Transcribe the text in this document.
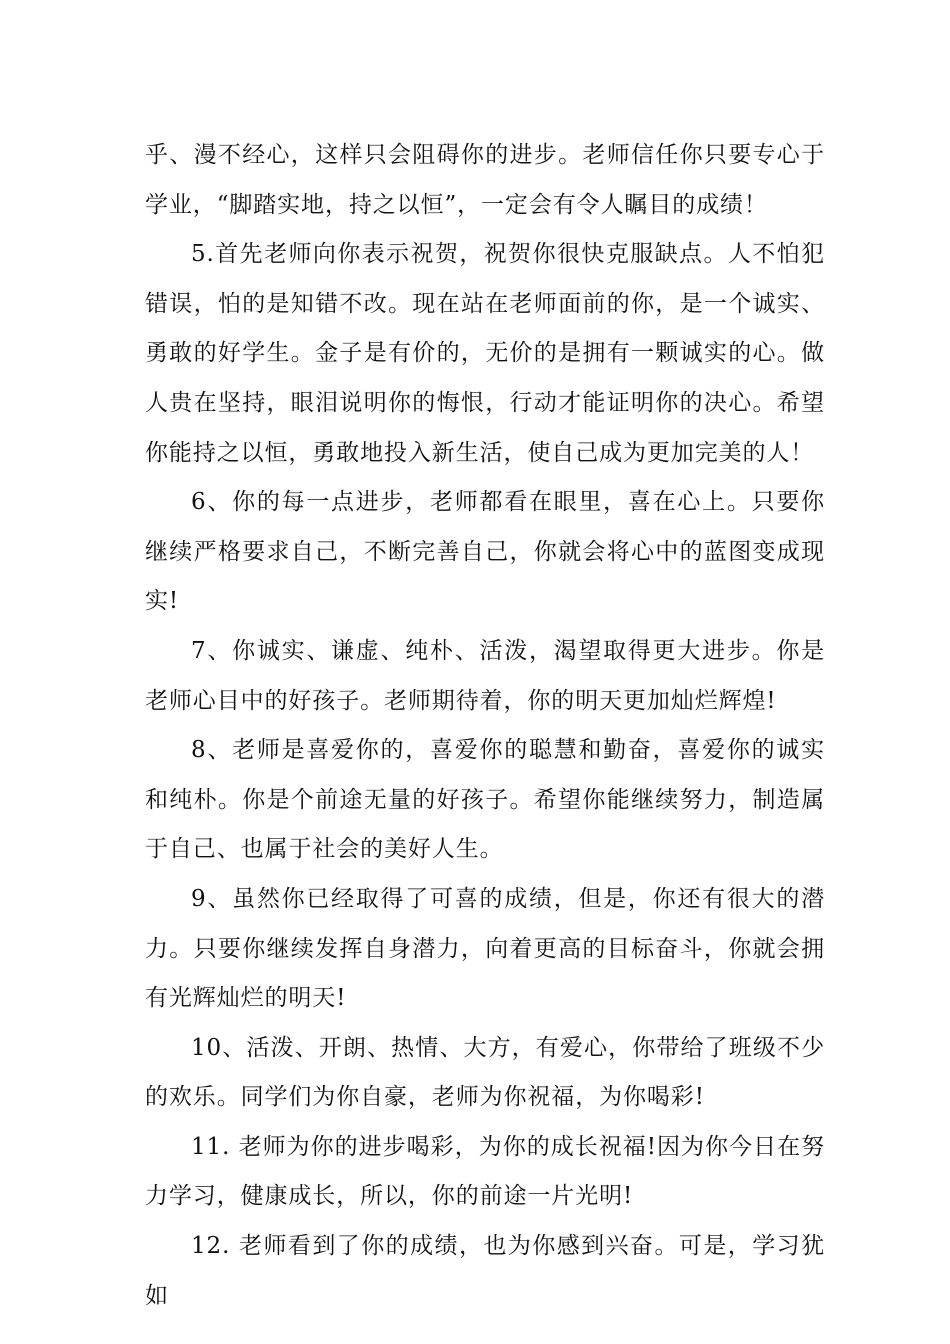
乎、漫不经心，这样只会阻碍你的进步。老师信任你只要专心于学业，“脚踏实地，持之以恒”，一定会有令人瞩目的成绩！

5.首先老师向你表示祝贺，祝贺你很快克服缺点。人不怕犯错误，怕的是知错不改。现在站在老师面前的你，是一个诚实、勇敢的好学生。金子是有价的，无价的是拥有一颗诚实的心。做人贵在坚持，眼泪说明你的悔恨，行动才能证明你的决心。希望你能持之以恒，勇敢地投入新生活，使自己成为更加完美的人！

6、你的每一点进步，老师都看在眼里，喜在心上。只要你继续严格要求自己，不断完善自己，你就会将心中的蓝图变成现实!

7、你诚实、谦虚、纯朴、活泼，渴望取得更大进步。你是老师心目中的好孩子。老师期待着，你的明天更加灿烂辉煌!

8、老师是喜爱你的，喜爱你的聪慧和勤奋，喜爱你的诚实和纯朴。你是个前途无量的好孩子。希望你能继续努力，制造属于自己、也属于社会的美好人生。

9、虽然你已经取得了可喜的成绩，但是，你还有很大的潜力。只要你继续发挥自身潜力，向着更高的目标奋斗，你就会拥有光辉灿烂的明天!

10、活泼、开朗、热情、大方，有爱心，你带给了班级不少的欢乐。同学们为你自豪，老师为你祝福，为你喝彩!

11. 老师为你的进步喝彩，为你的成长祝福!因为你今日在努力学习，健康成长，所以，你的前途一片光明!

12. 老师看到了你的成绩，也为你感到兴奋。可是，学习犹如
